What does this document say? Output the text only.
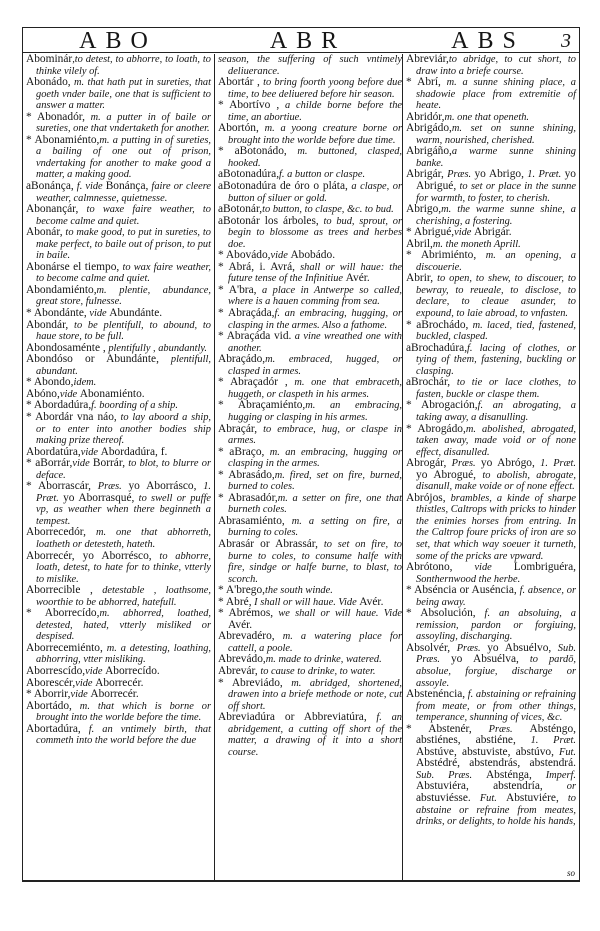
ABO	ABR	ABS	3

Abominár,to detest, to abhorre, to loath, to thinke vilely of.

Abonádo, m. that hath put in sureties, that goeth vnder baile, one that is sufficient to answer a matter.

* Abonadór, m. a putter in of baile or sureties, one that vndertaketh for another.

* Abonamiénto,m. a putting in of sureties, a bailing of one out of prison, vndertaking for another to make good a matter, a making good.

aBonánça, f. vide Bonánça, faire or cleere weather, calmnesse, quietnesse.

Abonançár, to waxe faire weather, to become calme and quiet.

Abonár, to make good, to put in sureties, to make perfect, to baile out of prison, to put in baile.

Abonárse el tiempo, to wax faire weather, to become calme and quiet.

Abondamiénto,m. plentie, abundance, great store, fulnesse.

* Abondánte, vide Abundánte.

Abondár, to be plentifull, to abound, to haue store, to be full.

Abondosaménte , plentifully , abundantly.

Abondóso or Abundánte, plentifull, abundant.

* Abondo,idem.

Abóno,vide Abonamiénto.

* Abordadúra,f. boording of a ship.

* Abordár vna náo, to lay aboord a ship, or to enter into another bodies ship making prize thereof.

Abordatúra,vide Abordadúra, f.

* aBorrár,vide Borrár, to blot, to blurre or deface.

* Aborrascár, Præs. yo Aborrásco, 1. Præt. yo Aborrasqué, to swell or puffe vp, as weather when there beginneth a tempest.

Aborrecedór, m. one that abhorreth, loatheth or detesteth, hateth.

Aborrecér, yo Aborrésco, to abhorre, loath, detest, to hate for to thinke, vtterly to mislike.

Aborrecible , detestable , loathsome, woorthie to be abhorred, hatefull.

* Aborrecído,m. abhorred, loathed, detested, hated, vtterly misliked or despised.

Aborrecemiénto, m. a detesting, loathing, abhorring, vtter misliking.

Aborrescído,vide Aborrecído.

Aborescér,vide Aborrecér.

* Aborrir,vide Aborrecér.

Abortádo, m. that which is borne or brought into the worlde before the time.

Abortadúra, f. an vntimely birth, that commeth into the world before the due

season, the suffering of such vntimely deliuerance.

Abortár , to bring foorth yoong before due time, to bee deliuered before hir season.

* Abortívo , a childe borne before the time, an abortiue.

Abortón, m. a yoong creature borne or brought into the worlde before due time.

* aBotonádo, m. buttoned, clasped, hooked.

aBotonadúra,f. a button or claspe.

aBotonadúra de óro o pláta, a claspe, or button of siluer or gold.

aBotonár,to button, to claspe, &c. to bud.

aBotonár los árboles, to bud, sprout, or begin to blossome as trees and herbes doe.

* Abovádo,vide Abobádo.

* Abrá, i. Avrá, shall or will haue: the future tense of the Infinitiue Avér.

* A'bra, a place in Antwerpe so called, where is a hauen comming from sea.

* Abraçáda,f. an embracing, hugging, or clasping in the armes. Also a fathome.

* Abraçáda vid. a vine wreathed one with another.

Abraçádo,m. embraced, hugged, or clasped in armes.

* Abraçadór , m. one that embraceth, huggeth, or claspeth in his armes.

* Abraçamiénto,m. an embracing, hugging or clasping in his armes.

Abraçár, to embrace, hug, or claspe in armes.

* aBraço, m. an embracing, hugging or clasping in the armes.

* Abrasádo,m. fired, set on fire, burned, burned to coles.

* Abrasadór,m. a setter on fire, one that burneth coles.

Abrasamiénto, m. a setting on fire, a burning to coles.

Abrasár or Abrassár, to set on fire, to burne to coles, to consume halfe with fire, sindge or halfe burne, to blast, to scorch.

* A'brego,the south winde.

* Abré, I shall or will haue. Vide Avér.

* Abrémos, we shall or will haue. Vide Avér.

Abrevadéro, m. a watering place for cattell, a poole.

Abrevádo,m. made to drinke, watered.

Abrevár, to cause to drinke, to water.

* Abreviádo, m. abridged, shortened, drawen into a briefe methode or note, cut off short.

Abreviadúra or Abbreviatúra, f. an abridgement, a cutting off short of the matter, a drawing of it into a short course.

Abreviár,to abridge, to cut short, to draw into a briefe course.

* Abrí, m. a sunne shining place, a shadowie place from extremitie of heate.

Abridór,m. one that openeth.

Abrigádo,m. set on sunne shining, warm, nourished, cherished.

Abrigáño,a warme sunne shining banke.

Abrigár, Præs. yo Abrigo, 1. Præt. yo Abrigué, to set or place in the sunne for warmth, to foster, to cherish.

Abrigo,m. the warme sunne shine, a cherishing, a fostering.

* Abrigué,vide Abrigár.

Abril,m. the moneth Aprill.

* Abrimiénto, m. an opening, a discouerie.

Abrir, to open, to shew, to discouer, to bewray, to reueale, to disclose, to declare, to cleaue asunder, to expound, to laie abroad, to vnfasten.

* aBrochádo, m. laced, tied, fastened, buckled, clasped.

aBrochadúra,f. lacing of clothes, or tying of them, fastening, buckling or clasping.

aBrochár, to tie or lace clothes, to fasten, buckle or claspe them.

* Abrogación,f. an abrogating, a taking away, a disanulling.

* Abrogádo,m. abolished, abrogated, taken away, made void or of none effect, disanulled.

Abrogár, Præs. yo Abrógo, 1. Præt. yo Abrogué, to abolish, abrogate, disanull, make voide or of none effect.

Abrójos, brambles, a kinde of sharpe thistles, Caltrops with pricks to hinder the enimies horses from entring. In the Caltrop foure pricks of iron are so set, that which way soeuer it turneth, some of the pricks are vpward.

Abrótono, vide Lombriguéra, Sonthernwood the herbe.

* Abséncia or Auséncia, f. absence, or being away.

* Absolución, f. an absoluing, a remission, pardon or forgiuing, assoyling, discharging.

Absolvér, Præs. yo Absuélvo, Sub. Præs. yo Absuélva, to pardō, absolue, forgiue, discharge or assoyle.

Abstenéncia, f. abstaining or refraining from meate, or from other things, temperance, shunning of vices, &c.

* Abstenér, Præs. Absténgo, abstiénes, abstiéne, 1. Præt. Abstúve, abstuviste, abstúvo, Fut. Abstédré, abstendrás, abstendrá. Sub. Præs. Absténga, Imperf. Abstuviéra, abstendría, or abstuviésse. Fut. Abstuviére, to abstaine or refraine from meates, drinks, or delights, to holde his hands,

so
